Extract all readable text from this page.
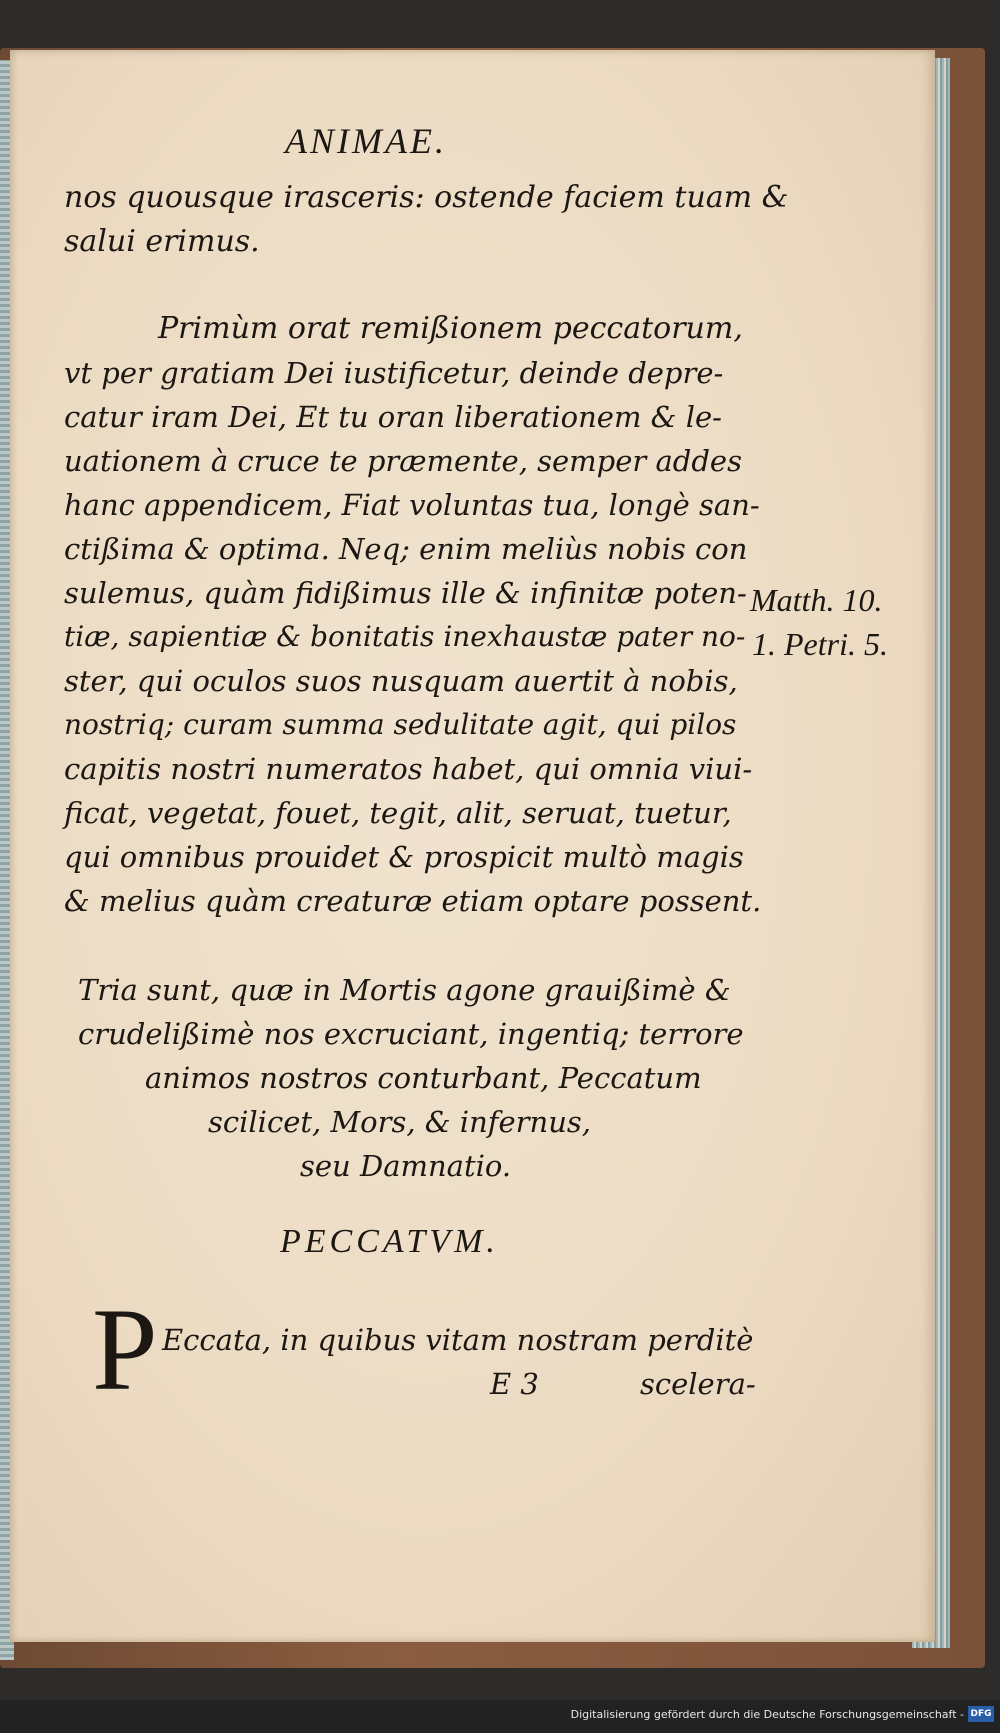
ANIMAE.
nos quousque irasceris: ostende faciem tuam &
salui erimus.
Primùm orat remißionem peccatorum,
vt per gratiam Dei iustificetur, deinde depre-
catur iram Dei, Et tu oran liberationem & le-
uationem à cruce te præmente, semper addes
hanc appendicem, Fiat voluntas tua, longè san-
ctißima & optima. Neq; enim meliùs nobis con
sulemus, quàm fidißimus ille & infinitæ poten-
tiæ, sapientiæ & bonitatis inexhaustæ pater no-
ster, qui oculos suos nusquam auertit à nobis,
nostriq; curam summa sedulitate agit, qui pilos
capitis nostri numeratos habet, qui omnia viui-
ficat, vegetat, fouet, tegit, alit, seruat, tuetur,
qui omnibus prouidet & prospicit multò magis
& melius quàm creaturæ etiam optare possent.
Matth. 10.
1. Petri. 5.
Tria sunt, quæ in Mortis agone grauißimè &
crudelißimè nos excruciant, ingentiq; terrore
animos nostros conturbant, Peccatum
scilicet, Mors, & infernus,
seu Damnatio.
PECCATVM.
P Eccata, in quibus vitam nostram perditè
E 3	scelera-
Digitalisierung gefördert durch die Deutsche Forschungsgemeinschaft - DFG
